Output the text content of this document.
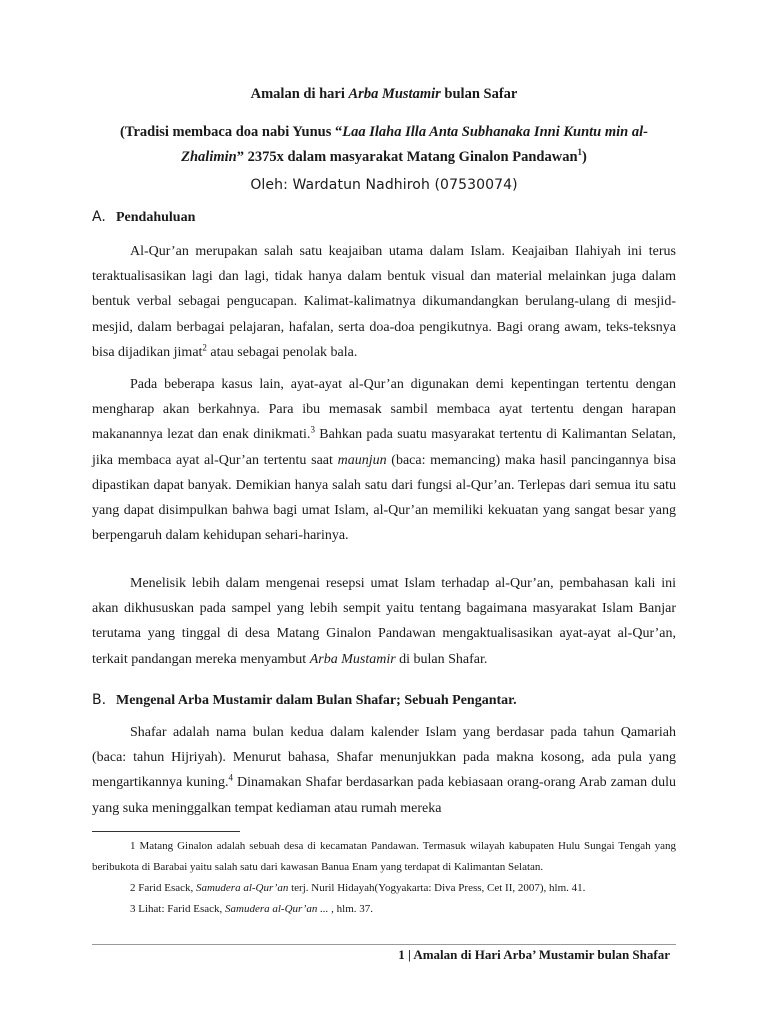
Amalan di hari Arba Mustamir bulan Safar
(Tradisi membaca doa nabi Yunus “Laa Ilaha Illa Anta Subhanaka Inni Kuntu min al-Zhalimin” 2375x dalam masyarakat Matang Ginalon Pandawan$^1$)
Oleh: Wardatun Nadhiroh (07530074)
A. Pendahuluan

Al-Qur’an merupakan salah satu keajaiban utama dalam Islam. Keajaiban Ilahiyah ini terus teraktualisasikan lagi dan lagi, tidak hanya dalam bentuk visual dan material melainkan juga dalam bentuk verbal sebagai pengucapan. Kalimat-kalimatnya dikumandangkan berulang-ulang di mesjid-mesjid, dalam berbagai pelajaran, hafalan, serta doa-doa pengikutnya. Bagi orang awam, teks-teksnya bisa dijadikan jimat$^2$ atau sebagai penolak bala.

Pada beberapa kasus lain, ayat-ayat al-Qur’an digunakan demi kepentingan tertentu dengan mengharap akan berkahnya. Para ibu memasak sambil membaca ayat tertentu dengan harapan makanannya lezat dan enak dinikmati.$^3$ Bahkan pada suatu masyarakat tertentu di Kalimantan Selatan, jika membaca ayat al-Qur’an tertentu saat maunjun (baca: memancing) maka hasil pancingannya bisa dipastikan dapat banyak. Demikian hanya salah satu dari fungsi al-Qur’an. Terlepas dari semua itu satu yang dapat disimpulkan bahwa bagi umat Islam, al-Qur’an memiliki kekuatan yang sangat besar yang berpengaruh dalam kehidupan sehari-harinya.

Menelisik lebih dalam mengenai resepsi umat Islam terhadap al-Qur’an, pembahasan kali ini akan dikhususkan pada sampel yang lebih sempit yaitu tentang bagaimana masyarakat Islam Banjar terutama yang tinggal di desa Matang Ginalon Pandawan mengaktualisasikan ayat-ayat al-Qur’an, terkait pandangan mereka menyambut Arba Mustamir di bulan Shafar.

B. Mengenal Arba Mustamir dalam Bulan Shafar; Sebuah Pengantar.

Shafar adalah nama bulan kedua dalam kalender Islam yang berdasar pada tahun Qamariah (baca: tahun Hijriyah). Menurut bahasa, Shafar menunjukkan pada makna kosong, ada pula yang mengartikannya kuning.$^4$ Dinamakan Shafar berdasarkan pada kebiasaan orang-orang Arab zaman dulu yang suka meninggalkan tempat kediaman atau rumah mereka

1 Matang Ginalon adalah sebuah desa di kecamatan Pandawan. Termasuk wilayah kabupaten Hulu Sungai Tengah yang beribukota di Barabai yaitu salah satu dari kawasan Banua Enam yang terdapat di Kalimantan Selatan.

2 Farid Esack, Samudera al-Qur’an terj. Nuril Hidayah(Yogyakarta: Diva Press, Cet II, 2007), hlm. 41.

3 Lihat: Farid Esack, Samudera al-Qur’an ... , hlm. 37.

1 | Amalan di Hari Arba’ Mustamir bulan Shafar
